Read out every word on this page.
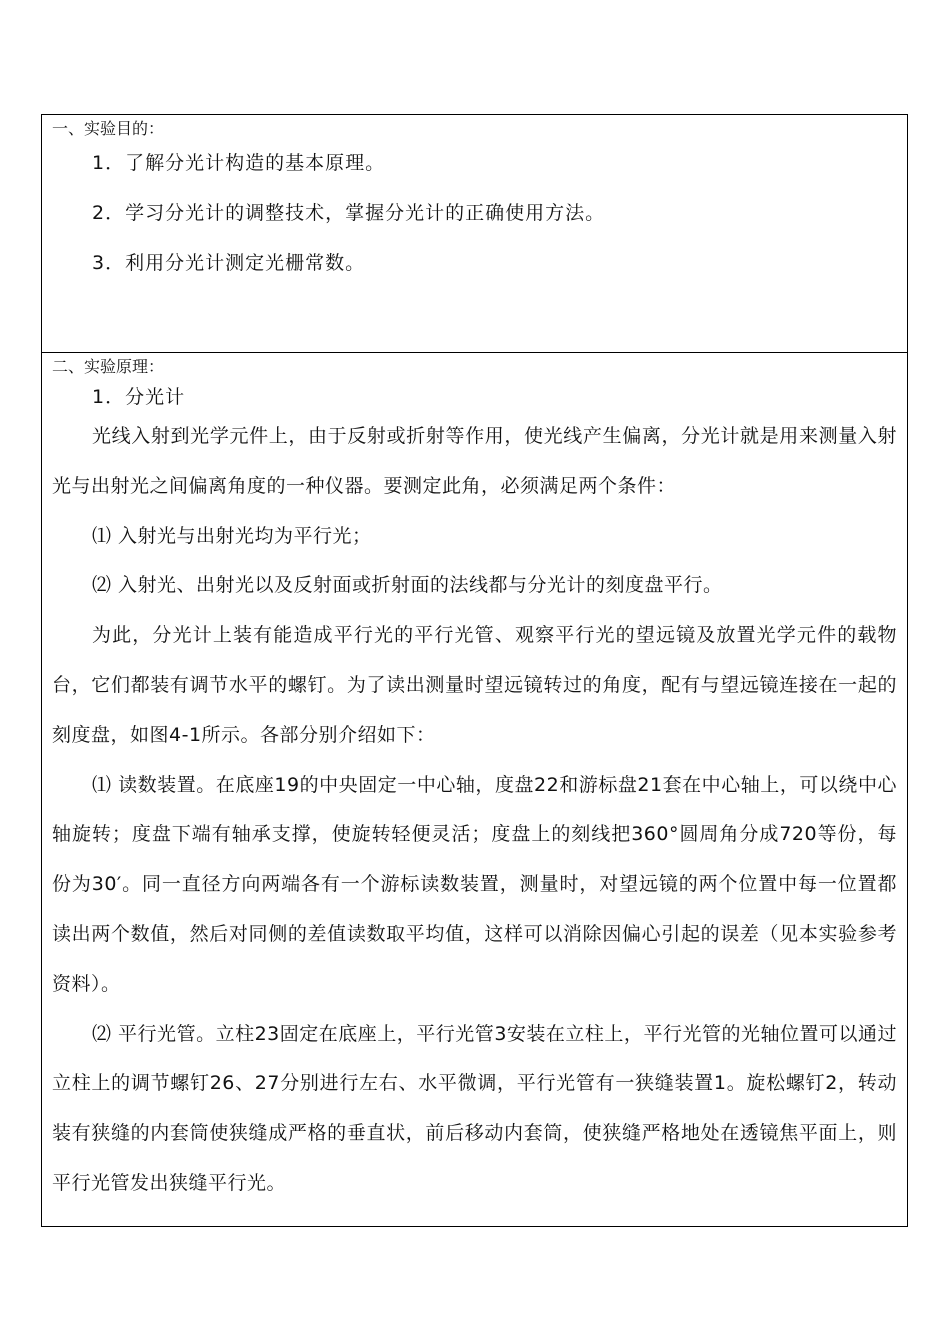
一、实验目的：

1．了解分光计构造的基本原理。

2．学习分光计的调整技术，掌握分光计的正确使用方法。

3．利用分光计测定光栅常数。

二、实验原理：

1．分光计

光线入射到光学元件上，由于反射或折射等作用，使光线产生偏离，分光计就是用来测量入射光与出射光之间偏离角度的一种仪器。要测定此角，必须满足两个条件：

⑴ 入射光与出射光均为平行光；

⑵ 入射光、出射光以及反射面或折射面的法线都与分光计的刻度盘平行。

为此，分光计上装有能造成平行光的平行光管、观察平行光的望远镜及放置光学元件的载物台，它们都装有调节水平的螺钉。为了读出测量时望远镜转过的角度，配有与望远镜连接在一起的刻度盘，如图4-1所示。各部分别介绍如下：

⑴ 读数装置。在底座19的中央固定一中心轴，度盘22和游标盘21套在中心轴上，可以绕中心轴旋转；度盘下端有轴承支撑，使旋转轻便灵活；度盘上的刻线把360°圆周角分成720等份，每份为30′。同一直径方向两端各有一个游标读数装置，测量时，对望远镜的两个位置中每一位置都读出两个数值，然后对同侧的差值读数取平均值，这样可以消除因偏心引起的误差（见本实验参考资料）。

⑵ 平行光管。立柱23固定在底座上，平行光管3安装在立柱上，平行光管的光轴位置可以通过立柱上的调节螺钉26、27分别进行左右、水平微调，平行光管有一狭缝装置1。旋松螺钉2，转动装有狭缝的内套筒使狭缝成严格的垂直状，前后移动内套筒，使狭缝严格地处在透镜焦平面上，则平行光管发出狭缝平行光。
